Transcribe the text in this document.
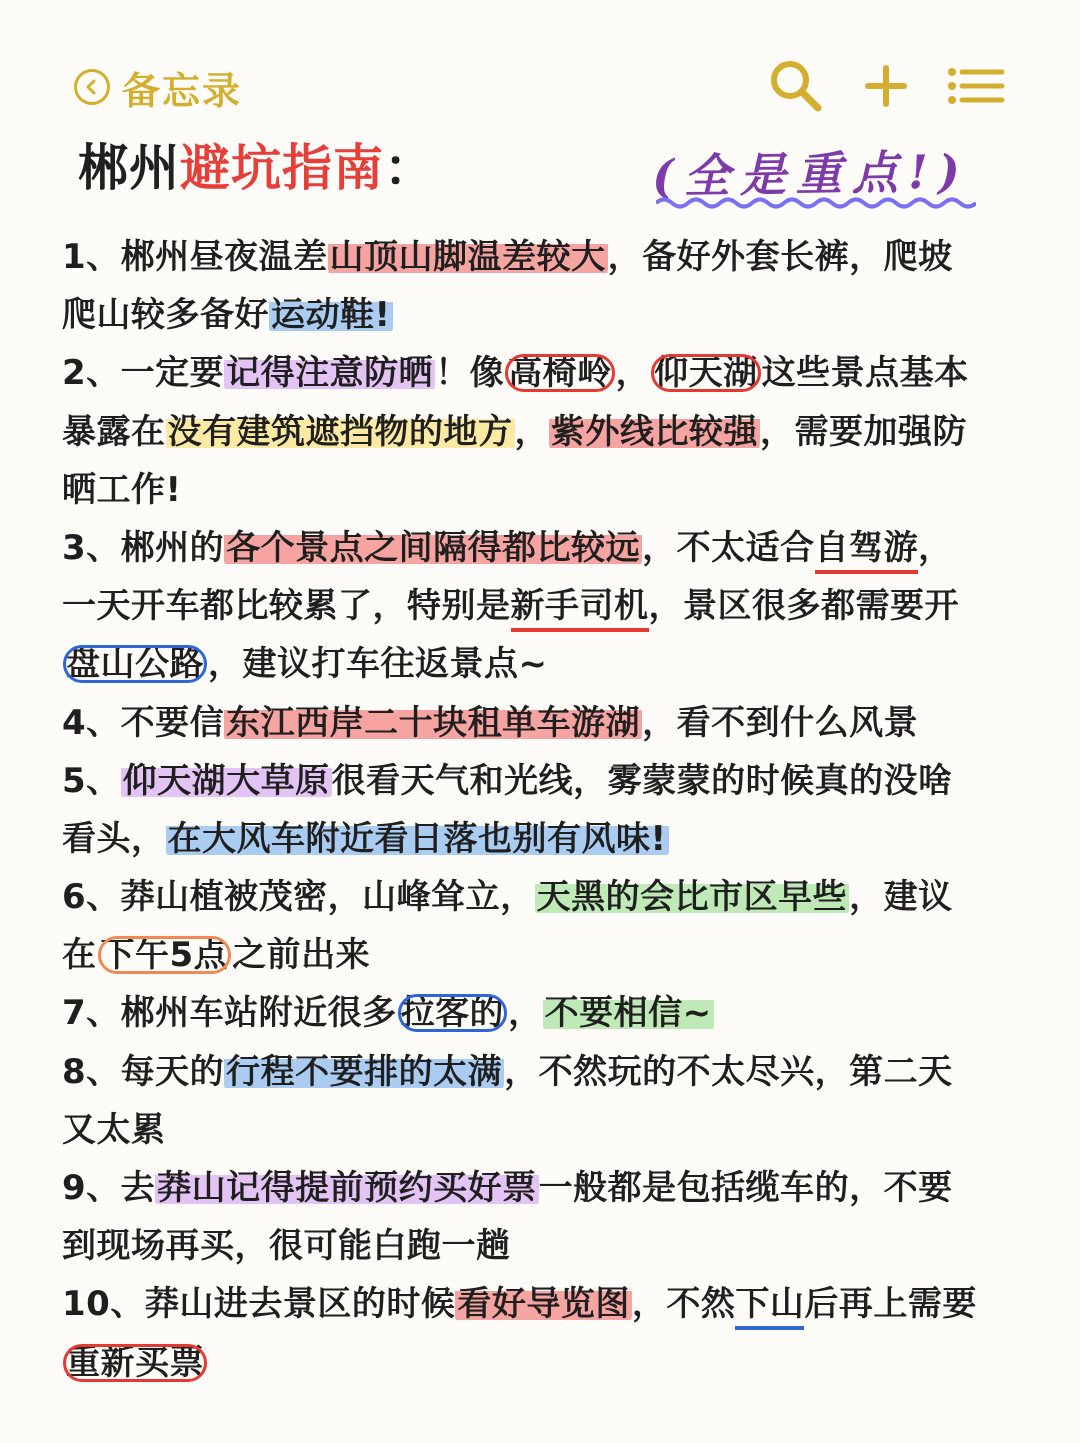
备忘录
郴州避坑指南：	(全是重点!)
1、郴州昼夜温差山顶山脚温差较大，备好外套长裤，爬坡
爬山较多备好运动鞋!
2、一定要记得注意防晒！像 高椅岭 ， 仰天湖 这些景点基本
暴露在没有建筑遮挡物的地方，紫外线比较强，需要加强防
晒工作!
3、郴州的各个景点之间隔得都比较远，不太适合自驾游，
一天开车都比较累了，特别是新手司机，景区很多都需要开
盘山公路 ，建议打车往返景点~
4、不要信东江西岸二十块租单车游湖，看不到什么风景
5、仰天湖大草原很看天气和光线，雾蒙蒙的时候真的没啥
看头，在大风车附近看日落也别有风味!
6、莽山植被茂密，山峰耸立，天黑的会比市区早些，建议
在 下午5点 之前出来
7、郴州车站附近很多 拉客的 ，不要相信~
8、每天的行程不要排的太满，不然玩的不太尽兴，第二天
又太累
9、去莽山记得提前预约买好票一般都是包括缆车的，不要
到现场再买，很可能白跑一趟
10、莽山进去景区的时候看好导览图，不然下山后再上需要
重新买票
